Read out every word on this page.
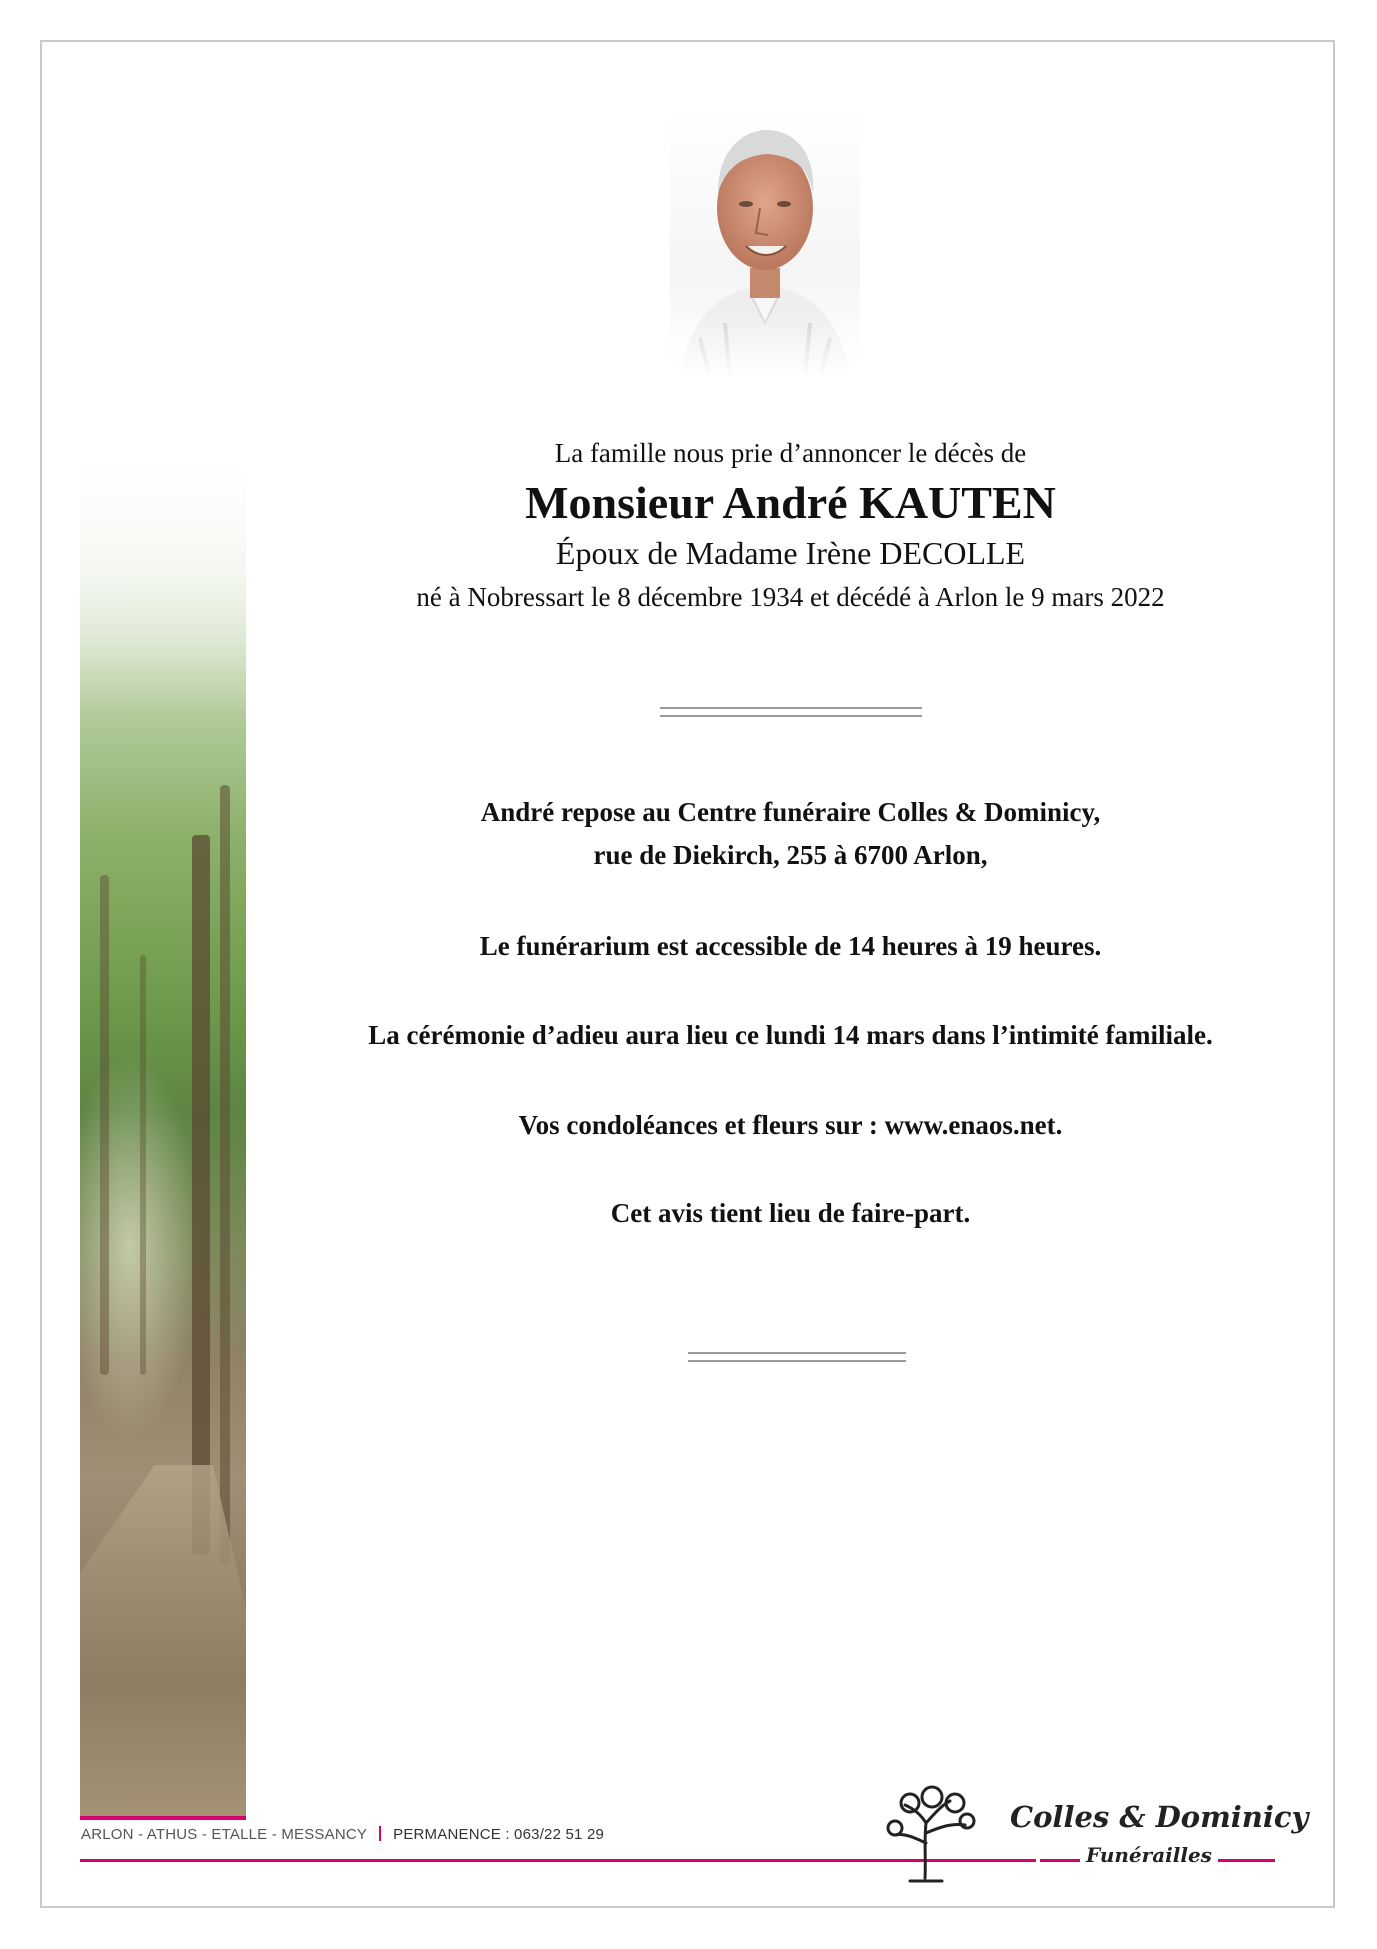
La famille nous prie d’annoncer le décès de
Monsieur André KAUTEN
Époux de Madame Irène DECOLLE
né à Nobressart le 8 décembre 1934 et décédé à Arlon le 9 mars 2022
André repose au Centre funéraire Colles & Dominicy,
rue de Diekirch, 255 à 6700 Arlon,
Le funérarium est accessible de 14 heures à 19 heures.
La cérémonie d’adieu aura lieu ce lundi 14 mars dans l’intimité familiale.
Vos condoléances et fleurs sur : www.enaos.net.
Cet avis tient lieu de faire-part.
ARLON - ATHUS - ETALLE - MESSANCY PERMANENCE : 063/22 51 29
Colles & Dominicy
Funérailles
